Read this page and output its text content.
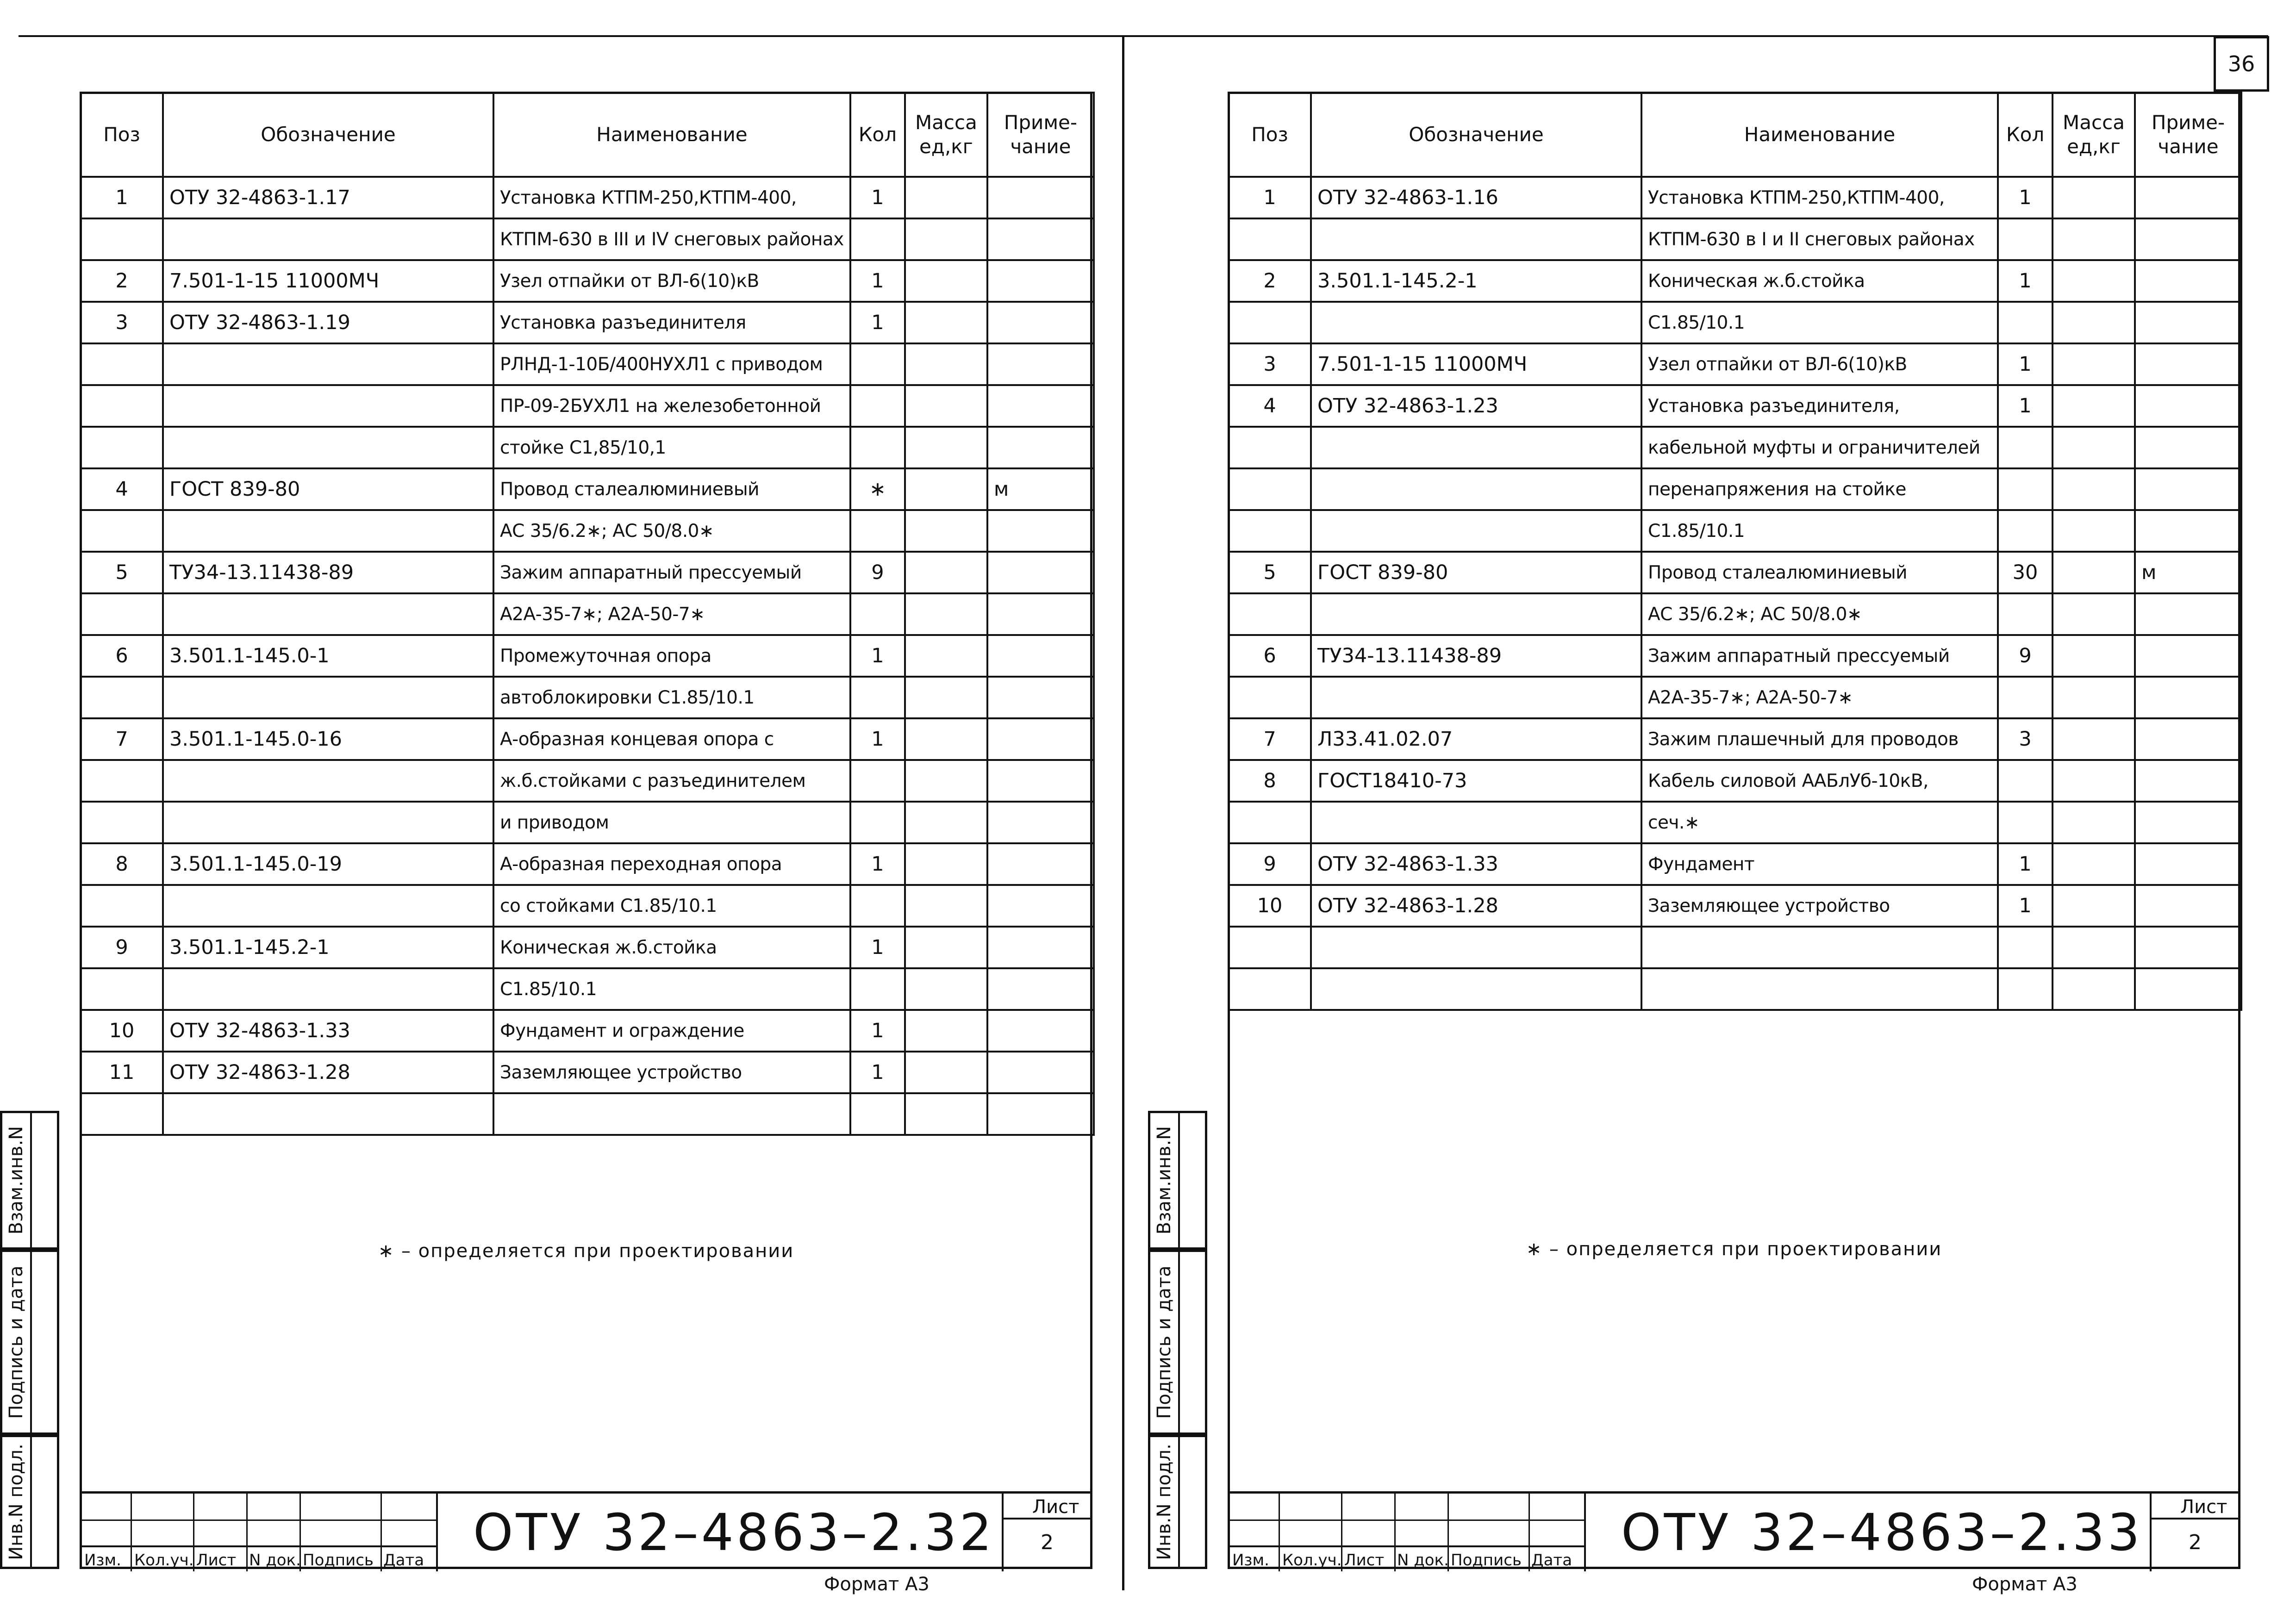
36
Поз	Обозначение	Наименование	Кол	Масса ед,кг	Приме- чание
1	ОТУ 32-4863-1.17	Установка КТПМ-250,КТПМ-400,	1		
		КТПМ-630 в III и IV снеговых районах			
2	7.501-1-15 11000МЧ	Узел отпайки от ВЛ-6(10)кВ	1		
3	ОТУ 32-4863-1.19	Установка разъединителя	1		
		РЛНД-1-10Б/400НУХЛ1 с приводом			
		ПР-09-2БУХЛ1 на железобетонной			
		стойке С1,85/10,1			
4	ГОСТ 839-80	Провод сталеалюминиевый	∗		м
		АС 35/6.2∗; АС 50/8.0∗			
5	ТУ34-13.11438-89	Зажим аппаратный прессуемый	9		
		А2А-35-7∗; А2А-50-7∗			
6	3.501.1-145.0-1	Промежуточная опора	1		
		автоблокировки С1.85/10.1			
7	3.501.1-145.0-16	А-образная концевая опора с	1		
		ж.б.стойками с разъединителем			
		и приводом			
8	3.501.1-145.0-19	А-образная переходная опора	1		
		со стойками С1.85/10.1			
9	3.501.1-145.2-1	Коническая ж.б.стойка	1		
		С1.85/10.1			
10	ОТУ 32-4863-1.33	Фундамент и ограждение	1		
11	ОТУ 32-4863-1.28	Заземляющее устройство	1		

∗ – определяется при проектировании
Взам.инв.N
Подпись и дата
Инв.N подл.
Изм. Кол.уч. Лист N док. Подпись Дата ОТУ 32–4863–2.32 Лист
2
Формат А3
Поз	Обозначение	Наименование	Кол	Масса ед,кг	Приме- чание
1	ОТУ 32-4863-1.16	Установка КТПМ-250,КТПМ-400,	1		
		КТПМ-630 в I и II снеговых районах			
2	3.501.1-145.2-1	Коническая ж.б.стойка	1		
		С1.85/10.1			
3	7.501-1-15 11000МЧ	Узел отпайки от ВЛ-6(10)кВ	1		
4	ОТУ 32-4863-1.23	Установка разъединителя,	1		
		кабельной муфты и ограничителей			
		перенапряжения на стойке			
		С1.85/10.1			
5	ГОСТ 839-80	Провод сталеалюминиевый	30		м
		АС 35/6.2∗; АС 50/8.0∗			
6	ТУ34-13.11438-89	Зажим аппаратный прессуемый	9		
		А2А-35-7∗; А2А-50-7∗			
7	Л33.41.02.07	Зажим плашечный для проводов	3		
8	ГОСТ18410-73	Кабель силовой ААБлУб-10кВ,			
		сеч.∗			
9	ОТУ 32-4863-1.33	Фундамент	1		
10	ОТУ 32-4863-1.28	Заземляющее устройство	1		

∗ – определяется при проектировании
Взам.инв.N
Подпись и дата
Инв.N подл.
Изм. Кол.уч. Лист N док. Подпись Дата ОТУ 32–4863–2.33 Лист
2
Формат А3
